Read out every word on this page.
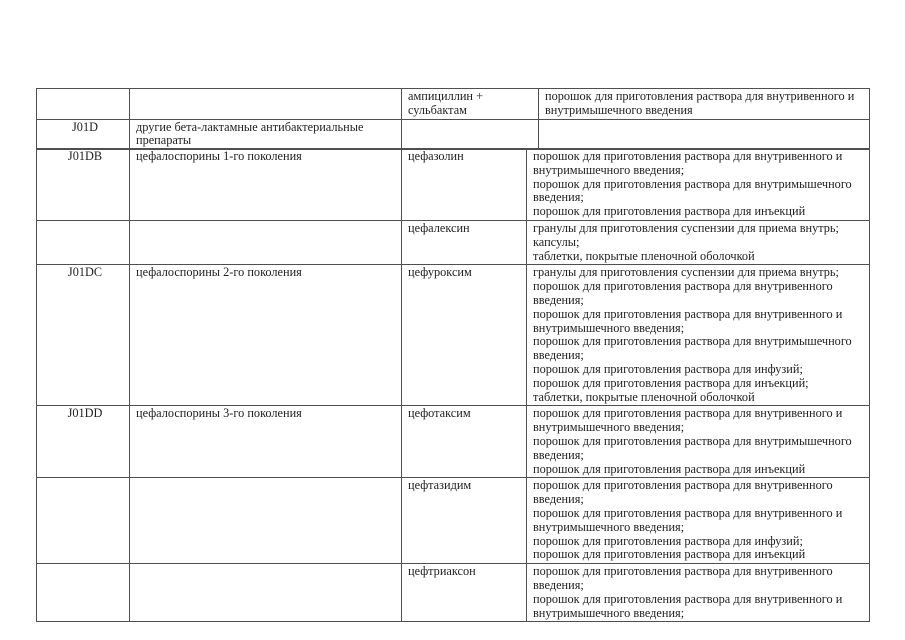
		ампициллин + сульбактам	порошок для приготовления раствора для внутривенного и внутримышечного введения

J01D	другие бета-лактамные антибактериальные препараты		
J01DB	цефалоспорины 1-го поколения	цефазолин	порошок для приготовления раствора для внутривенного и внутримышечного введения;
порошок для приготовления раствора для внутримышечного введения;
порошок для приготовления раствора для инъекций

		цефалексин	гранулы для приготовления суспензии для приема внутрь;
капсулы;
таблетки, покрытые пленочной оболочкой

J01DC	цефалоспорины 2-го поколения	цефуроксим	гранулы для приготовления суспензии для приема внутрь;
порошок для приготовления раствора для внутривенного введения;
порошок для приготовления раствора для внутривенного и внутримышечного введения;
порошок для приготовления раствора для внутримышечного введения;
порошок для приготовления раствора для инфузий;
порошок для приготовления раствора для инъекций;
таблетки, покрытые пленочной оболочкой

J01DD	цефалоспорины 3-го поколения	цефотаксим	порошок для приготовления раствора для внутривенного и внутримышечного введения;
порошок для приготовления раствора для внутримышечного введения;
порошок для приготовления раствора для инъекций

		цефтазидим	порошок для приготовления раствора для внутривенного введения;
порошок для приготовления раствора для внутривенного и внутримышечного введения;
порошок для приготовления раствора для инфузий;
порошок для приготовления раствора для инъекций

		цефтриаксон	порошок для приготовления раствора для внутривенного введения;
порошок для приготовления раствора для внутривенного и внутримышечного введения;
